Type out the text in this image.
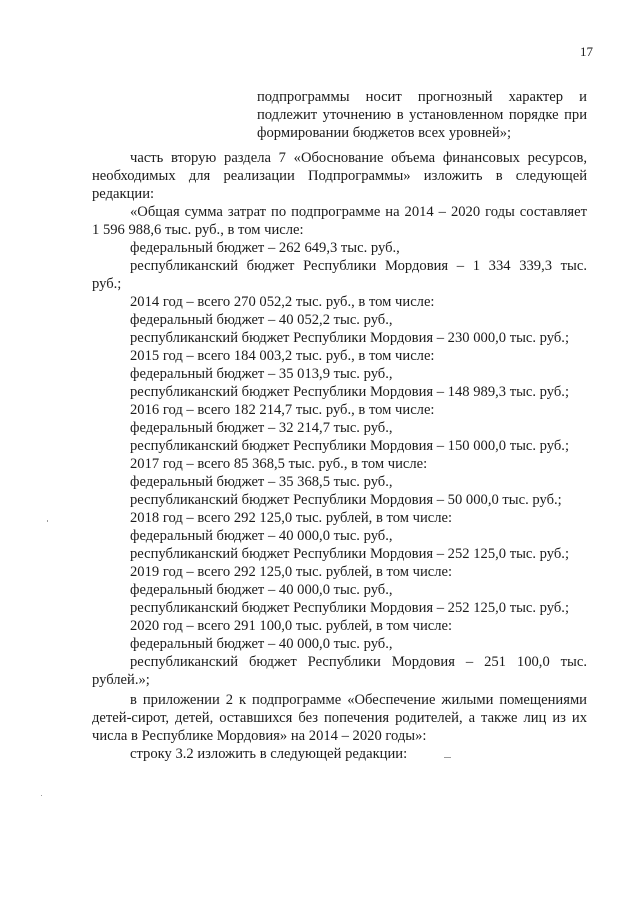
17
подпрограммы носит прогнозный характер и
подлежит уточнению в установленном порядке при
формировании бюджетов всех уровней»;
часть вторую раздела 7 «Обоснование объема финансовых ресурсов,
необходимых для реализации Подпрограммы» изложить в следующей
редакции:
«Общая сумма затрат по подпрограмме на 2014 – 2020 годы составляет
1 596 988,6 тыс. руб., в том числе:
федеральный бюджет – 262 649,3 тыс. руб.,
республиканский бюджет Республики Мордовия – 1 334 339,3 тыс.
руб.;
2014 год – всего 270 052,2 тыс. руб., в том числе:
федеральный бюджет – 40 052,2 тыс. руб.,
республиканский бюджет Республики Мордовия – 230 000,0 тыс. руб.;
2015 год – всего 184 003,2 тыс. руб., в том числе:
федеральный бюджет – 35 013,9 тыс. руб.,
республиканский бюджет Республики Мордовия – 148 989,3 тыс. руб.;
2016 год – всего 182 214,7 тыс. руб., в том числе:
федеральный бюджет – 32 214,7 тыс. руб.,
республиканский бюджет Республики Мордовия – 150 000,0 тыс. руб.;
2017 год – всего 85 368,5 тыс. руб., в том числе:
федеральный бюджет – 35 368,5 тыс. руб.,
республиканский бюджет Республики Мордовия – 50 000,0 тыс. руб.;
2018 год – всего 292 125,0 тыс. рублей, в том числе:
федеральный бюджет – 40 000,0 тыс. руб.,
республиканский бюджет Республики Мордовия – 252 125,0 тыс. руб.;
2019 год – всего 292 125,0 тыс. рублей, в том числе:
федеральный бюджет – 40 000,0 тыс. руб.,
республиканский бюджет Республики Мордовия – 252 125,0 тыс. руб.;
2020 год – всего 291 100,0 тыс. рублей, в том числе:
федеральный бюджет – 40 000,0 тыс. руб.,
республиканский бюджет Республики Мордовия – 251 100,0 тыс.
рублей.»;
в приложении 2 к подпрограмме «Обеспечение жилыми помещениями
детей-сирот, детей, оставшихся без попечения родителей, а также лиц из их
числа в Республике Мордовия» на 2014 – 2020 годы»:
строку 3.2 изложить в следующей редакции:
